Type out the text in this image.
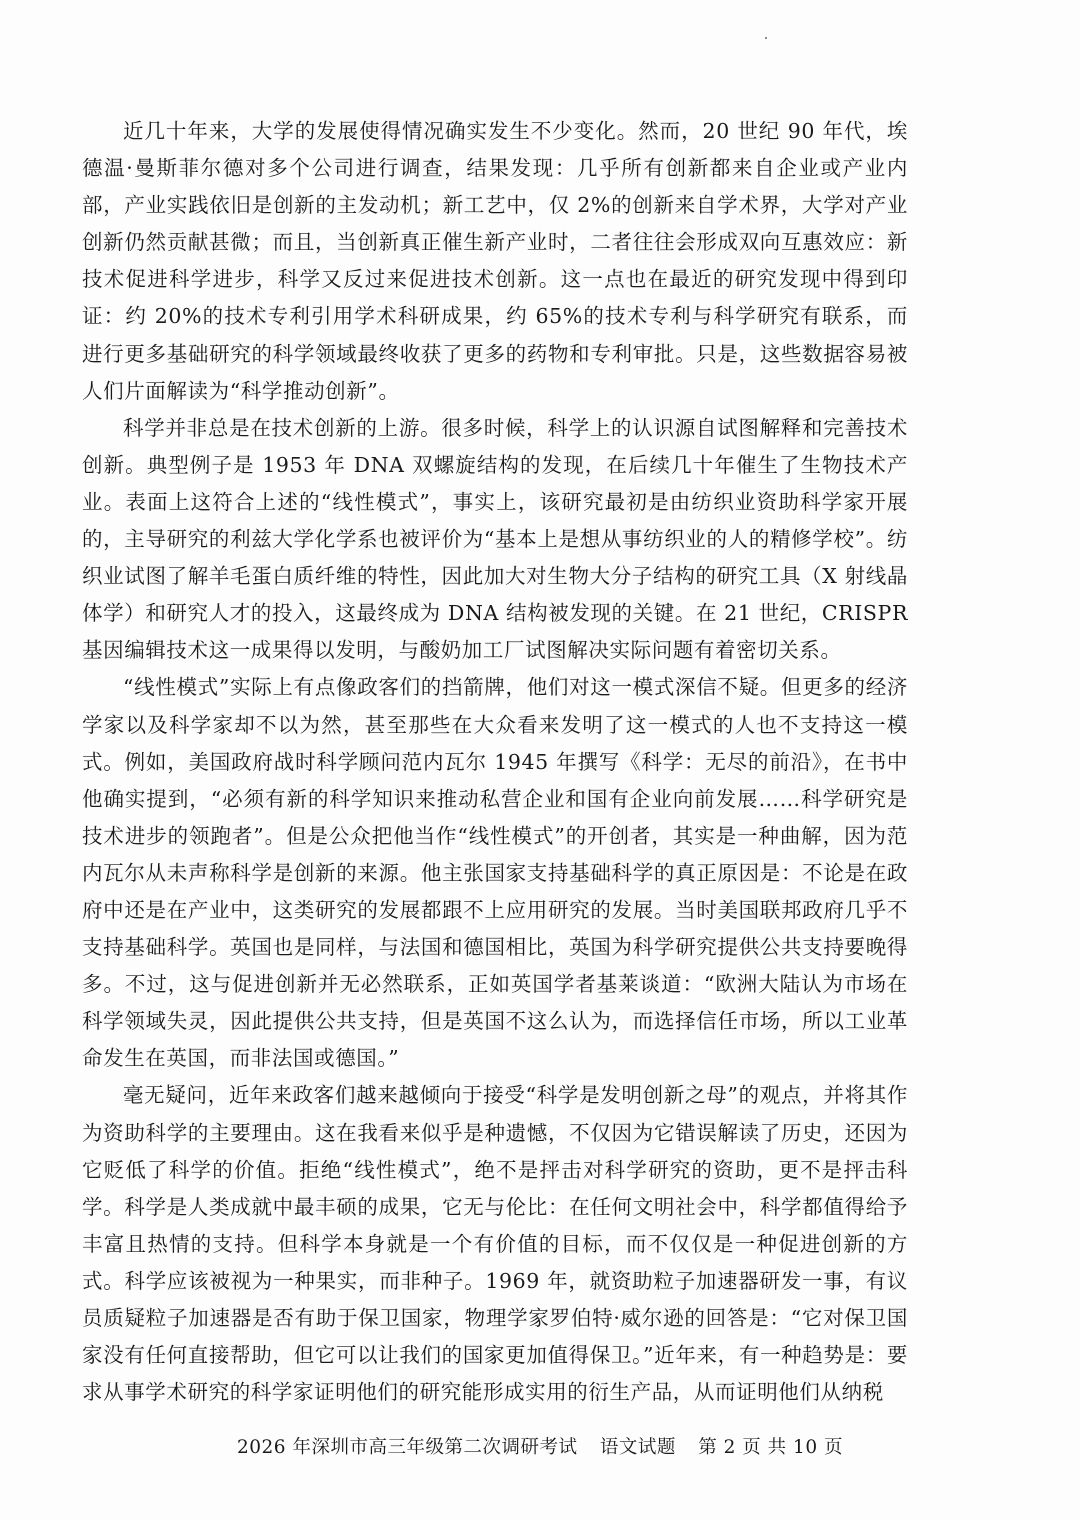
近几十年来，大学的发展使得情况确实发生不少变化。然而，20 世纪 90 年代，埃德温·曼斯菲尔德对多个公司进行调查，结果发现：几乎所有创新都来自企业或产业内部，产业实践依旧是创新的主发动机；新工艺中，仅 2%的创新来自学术界，大学对产业创新仍然贡献甚微；而且，当创新真正催生新产业时，二者往往会形成双向互惠效应：新技术促进科学进步，科学又反过来促进技术创新。这一点也在最近的研究发现中得到印证：约 20%的技术专利引用学术科研成果，约 65%的技术专利与科学研究有联系，而进行更多基础研究的科学领域最终收获了更多的药物和专利审批。只是，这些数据容易被人们片面解读为“科学推动创新”。

科学并非总是在技术创新的上游。很多时候，科学上的认识源自试图解释和完善技术创新。典型例子是 1953 年 DNA 双螺旋结构的发现，在后续几十年催生了生物技术产业。表面上这符合上述的“线性模式”，事实上，该研究最初是由纺织业资助科学家开展的，主导研究的利兹大学化学系也被评价为“基本上是想从事纺织业的人的精修学校”。纺织业试图了解羊毛蛋白质纤维的特性，因此加大对生物大分子结构的研究工具（X 射线晶体学）和研究人才的投入，这最终成为 DNA 结构被发现的关键。在 21 世纪，CRISPR 基因编辑技术这一成果得以发明，与酸奶加工厂试图解决实际问题有着密切关系。

“线性模式”实际上有点像政客们的挡箭牌，他们对这一模式深信不疑。但更多的经济学家以及科学家却不以为然，甚至那些在大众看来发明了这一模式的人也不支持这一模式。例如，美国政府战时科学顾问范内瓦尔 1945 年撰写《科学：无尽的前沿》，在书中他确实提到，“必须有新的科学知识来推动私营企业和国有企业向前发展……科学研究是技术进步的领跑者”。但是公众把他当作“线性模式”的开创者，其实是一种曲解，因为范内瓦尔从未声称科学是创新的来源。他主张国家支持基础科学的真正原因是：不论是在政府中还是在产业中，这类研究的发展都跟不上应用研究的发展。当时美国联邦政府几乎不支持基础科学。英国也是同样，与法国和德国相比，英国为科学研究提供公共支持要晚得多。不过，这与促进创新并无必然联系，正如英国学者基莱谈道：“欧洲大陆认为市场在科学领域失灵，因此提供公共支持，但是英国不这么认为，而选择信任市场，所以工业革命发生在英国，而非法国或德国。”

毫无疑问，近年来政客们越来越倾向于接受“科学是发明创新之母”的观点，并将其作为资助科学的主要理由。这在我看来似乎是种遗憾，不仅因为它错误解读了历史，还因为它贬低了科学的价值。拒绝“线性模式”，绝不是抨击对科学研究的资助，更不是抨击科学。科学是人类成就中最丰硕的成果，它无与伦比：在任何文明社会中，科学都值得给予丰富且热情的支持。但科学本身就是一个有价值的目标，而不仅仅是一种促进创新的方式。科学应该被视为一种果实，而非种子。1969 年，就资助粒子加速器研发一事，有议员质疑粒子加速器是否有助于保卫国家，物理学家罗伯特·威尔逊的回答是：“它对保卫国家没有任何直接帮助，但它可以让我们的国家更加值得保卫。”近年来，有一种趋势是：要求从事学术研究的科学家证明他们的研究能形成实用的衍生产品，从而证明他们从纳税

2026 年深圳市高三年级第二次调研考试 语文试题 第 2 页 共 10 页
